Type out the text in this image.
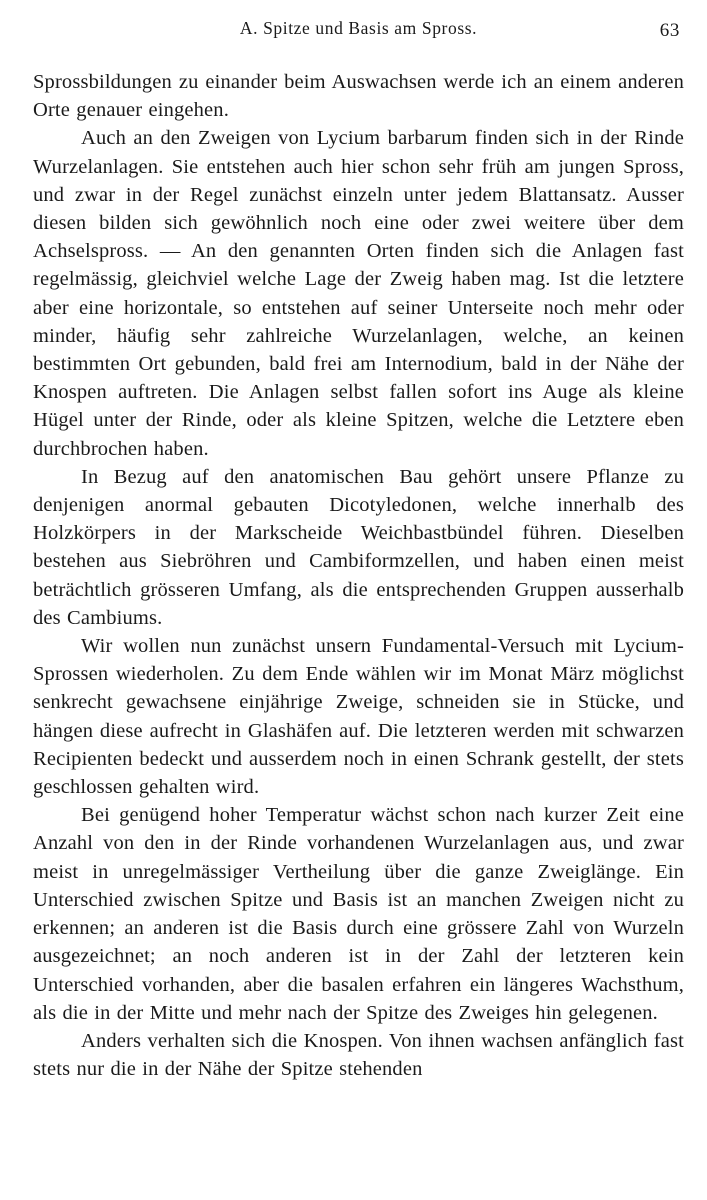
A. Spitze und Basis am Spross.	63

Sprossbildungen zu einander beim Auswachsen werde ich an einem anderen Orte genauer eingehen.

Auch an den Zweigen von Lycium barbarum finden sich in der Rinde Wurzelanlagen. Sie entstehen auch hier schon sehr früh am jungen Spross, und zwar in der Regel zunächst einzeln unter jedem Blattansatz. Ausser diesen bilden sich gewöhnlich noch eine oder zwei weitere über dem Achselspross. — An den genannten Orten finden sich die Anlagen fast regelmässig, gleichviel welche Lage der Zweig haben mag. Ist die letztere aber eine horizontale, so entstehen auf seiner Unterseite noch mehr oder minder, häufig sehr zahlreiche Wurzelanlagen, welche, an keinen bestimmten Ort gebunden, bald frei am Internodium, bald in der Nähe der Knospen auftreten. Die Anlagen selbst fallen sofort ins Auge als kleine Hügel unter der Rinde, oder als kleine Spitzen, welche die Letztere eben durchbrochen haben.

In Bezug auf den anatomischen Bau gehört unsere Pflanze zu denjenigen anormal gebauten Dicotyledonen, welche innerhalb des Holzkörpers in der Markscheide Weichbastbündel führen. Dieselben bestehen aus Siebröhren und Cambiformzellen, und haben einen meist beträchtlich grösseren Umfang, als die entsprechenden Gruppen ausserhalb des Cambiums.

Wir wollen nun zunächst unsern Fundamental-Versuch mit Lycium-Sprossen wiederholen. Zu dem Ende wählen wir im Monat März möglichst senkrecht gewachsene einjährige Zweige, schneiden sie in Stücke, und hängen diese aufrecht in Glashäfen auf. Die letzteren werden mit schwarzen Recipienten bedeckt und ausserdem noch in einen Schrank gestellt, der stets geschlossen gehalten wird.

Bei genügend hoher Temperatur wächst schon nach kurzer Zeit eine Anzahl von den in der Rinde vorhandenen Wurzelanlagen aus, und zwar meist in unregelmässiger Vertheilung über die ganze Zweiglänge. Ein Unterschied zwischen Spitze und Basis ist an manchen Zweigen nicht zu erkennen; an anderen ist die Basis durch eine grössere Zahl von Wurzeln ausgezeichnet; an noch anderen ist in der Zahl der letzteren kein Unterschied vorhanden, aber die basalen erfahren ein längeres Wachsthum, als die in der Mitte und mehr nach der Spitze des Zweiges hin gelegenen.

Anders verhalten sich die Knospen. Von ihnen wachsen anfänglich fast stets nur die in der Nähe der Spitze stehenden
